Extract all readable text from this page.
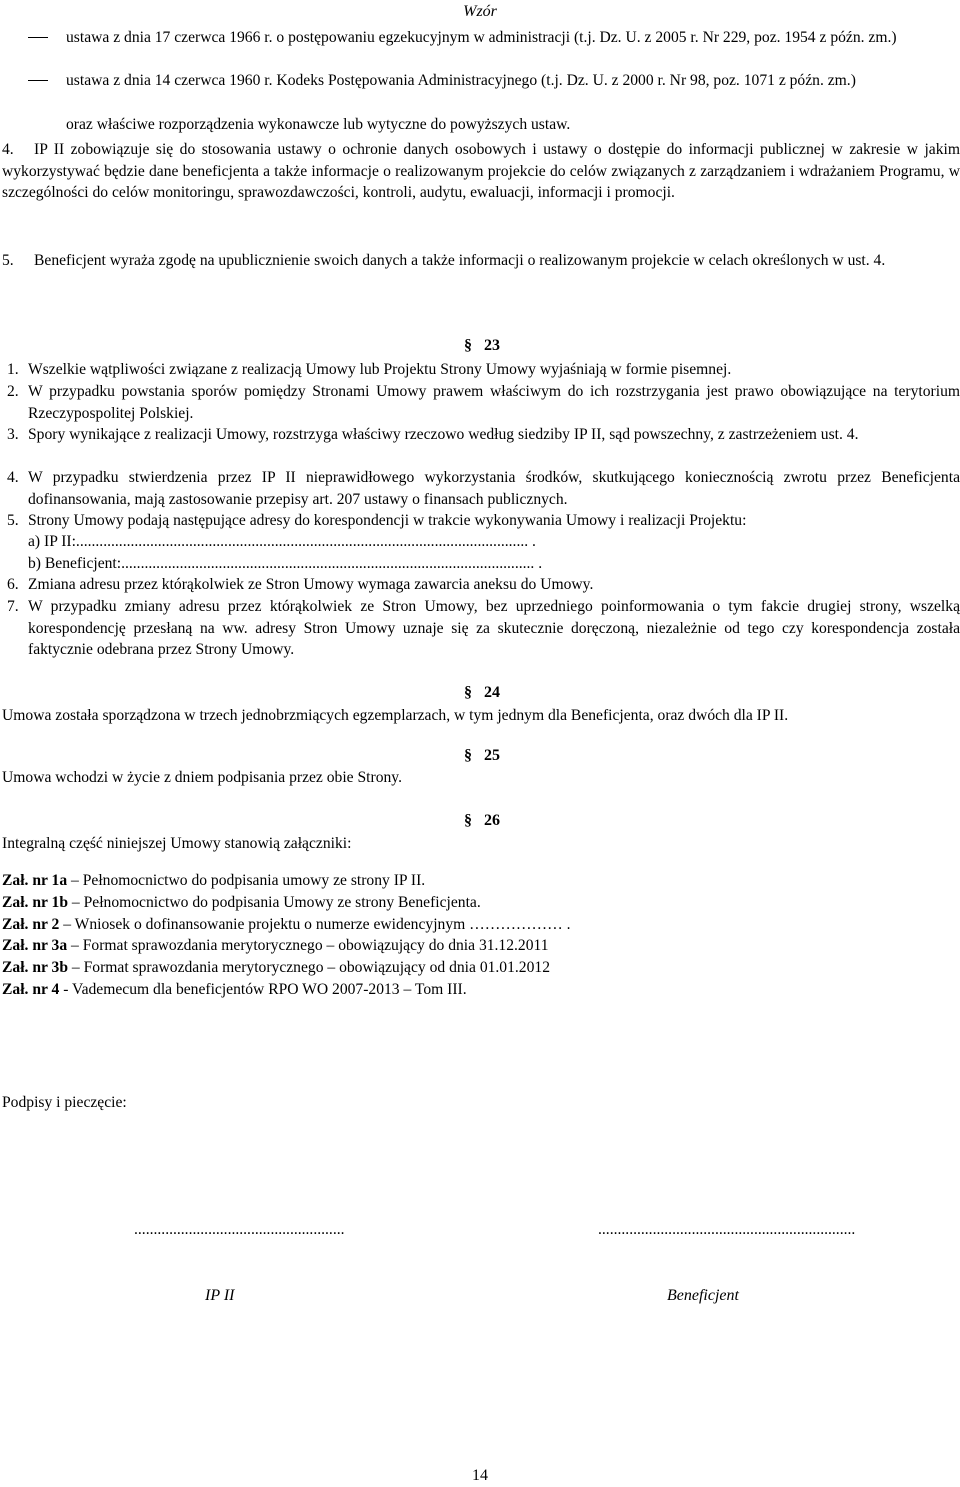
Wzór
ustawa z dnia 17 czerwca 1966 r. o postępowaniu egzekucyjnym w administracji (t.j. Dz. U. z 2005 r. Nr 229, poz. 1954 z późn. zm.)
ustawa z dnia 14 czerwca 1960 r. Kodeks Postępowania Administracyjnego (t.j. Dz. U. z 2000 r. Nr 98, poz. 1071 z późn. zm.)
oraz właściwe rozporządzenia wykonawcze lub wytyczne do powyższych ustaw.
4.	IP II zobowiązuje się do stosowania ustawy o ochronie danych osobowych i ustawy o dostępie do informacji publicznej w zakresie w jakim wykorzystywać będzie dane beneficjenta a także informacje o realizowanym projekcie do celów związanych z zarządzaniem i wdrażaniem Programu, w szczególności do celów monitoringu, sprawozdawczości, kontroli, audytu, ewaluacji, informacji i promocji.
5.	Beneficjent wyraża zgodę na upublicznienie swoich danych a także informacji o realizowanym projekcie w celach określonych w ust. 4.
§ 23
1. Wszelkie wątpliwości związane z realizacją Umowy lub Projektu Strony Umowy wyjaśniają w formie pisemnej.
2. W przypadku powstania sporów pomiędzy Stronami Umowy prawem właściwym do ich rozstrzygania jest prawo obowiązujące na terytorium Rzeczypospolitej Polskiej.
3. Spory wynikające z realizacji Umowy, rozstrzyga właściwy rzeczowo według siedziby IP II, sąd powszechny, z zastrzeżeniem ust. 4.
4. W przypadku stwierdzenia przez IP II nieprawidłowego wykorzystania środków, skutkującego koniecznością zwrotu przez Beneficjenta dofinansowania, mają zastosowanie przepisy art. 207 ustawy o finansach publicznych.
5. Strony Umowy podają następujące adresy do korespondencji w trakcie wykonywania Umowy i realizacji Projektu:
a) IP II:.................................................................................................................... .
b) Beneficjent:.......................................................................................................... .
6. Zmiana adresu przez którąkolwiek ze Stron Umowy wymaga zawarcia aneksu do Umowy.
7. W przypadku zmiany adresu przez którąkolwiek ze Stron Umowy, bez uprzedniego poinformowania o tym fakcie drugiej strony, wszelką korespondencję przesłaną na ww. adresy Stron Umowy uznaje się za skutecznie doręczoną, niezależnie od tego czy korespondencja została faktycznie odebrana przez Strony Umowy.
§ 24
Umowa została sporządzona w trzech jednobrzmiących egzemplarzach, w tym jednym dla Beneficjenta, oraz dwóch dla IP II.
§ 25
Umowa wchodzi w życie z dniem podpisania przez obie Strony.
§ 26
Integralną część niniejszej Umowy stanowią załączniki:
Zał. nr 1a – Pełnomocnictwo do podpisania umowy ze strony IP II.
Zał. nr 1b – Pełnomocnictwo do podpisania Umowy ze strony Beneficjenta.
Zał. nr 2 – Wniosek o dofinansowanie projektu o numerze ewidencyjnym ……………… .
Zał. nr 3a – Format sprawozdania merytorycznego – obowiązujący do dnia 31.12.2011
Zał. nr 3b – Format sprawozdania merytorycznego – obowiązujący od dnia 01.01.2012
Zał. nr 4 - Vademecum dla beneficjentów RPO WO 2007-2013 – Tom III.
Podpisy i pieczęcie:
......................................................	..................................................................
IP II	Beneficjent
14
